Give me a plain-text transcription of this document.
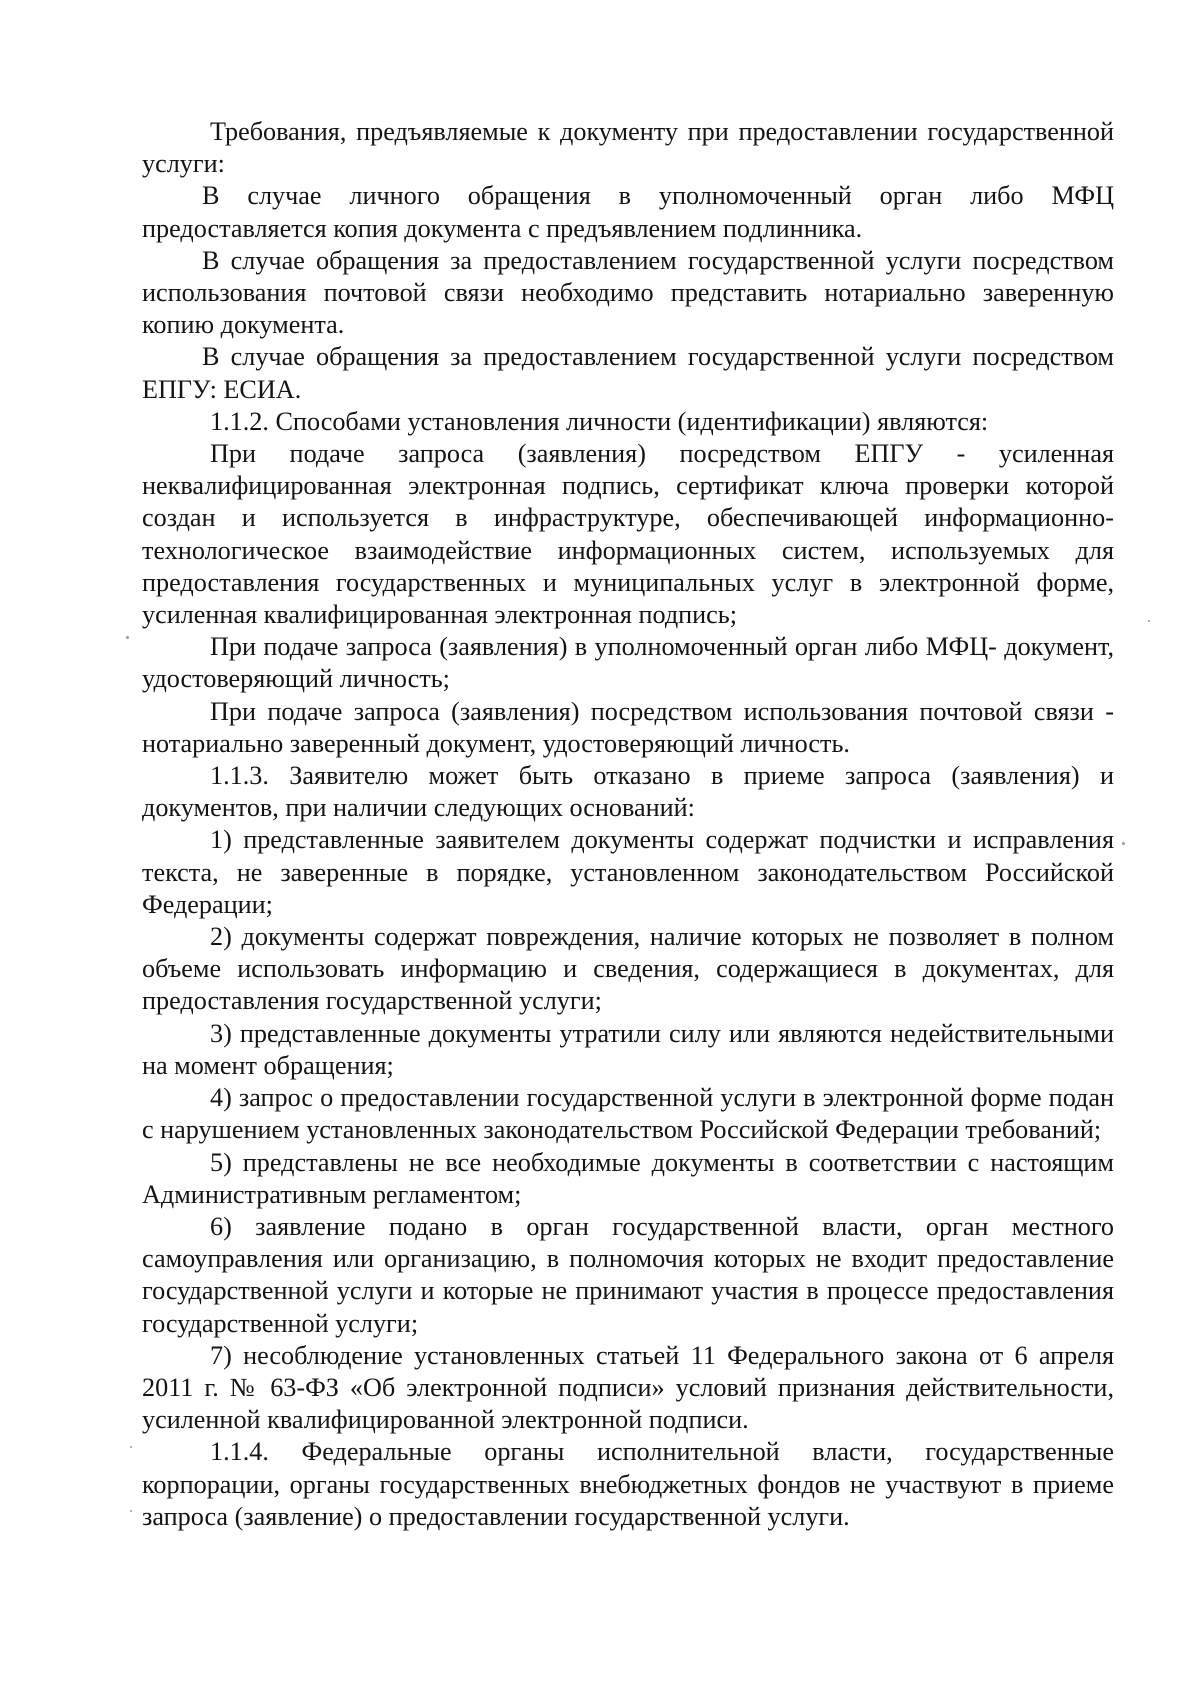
Требования, предъявляемые к документу при предоставлении государственной услуги:

В случае личного обращения в уполномоченный орган либо МФЦ предоставляется копия документа с предъявлением подлинника.

В случае обращения за предоставлением государственной услуги посредством использования почтовой связи необходимо представить нотариально заверенную копию документа.

В случае обращения за предоставлением государственной услуги посредством ЕПГУ: ЕСИА.

1.1.2. Способами установления личности (идентификации) являются:

При подаче запроса (заявления) посредством ЕПГУ - усиленная неквалифицированная электронная подпись, сертификат ключа проверки которой создан и используется в инфраструктуре, обеспечивающей информационно-технологическое взаимодействие информационных систем, используемых для предоставления государственных и муниципальных услуг в электронной форме, усиленная квалифицированная электронная подпись;

При подаче запроса (заявления) в уполномоченный орган либо МФЦ- документ, удостоверяющий личность;

При подаче запроса (заявления) посредством использования почтовой связи - нотариально заверенный документ, удостоверяющий личность.

1.1.3. Заявителю может быть отказано в приеме запроса (заявления) и документов, при наличии следующих оснований:

1) представленные заявителем документы содержат подчистки и исправления текста, не заверенные в порядке, установленном законодательством Российской Федерации;

2) документы содержат повреждения, наличие которых не позволяет в полном объеме использовать информацию и сведения, содержащиеся в документах, для предоставления государственной услуги;

3) представленные документы утратили силу или являются недействительными на момент обращения;

4) запрос о предоставлении государственной услуги в электронной форме подан с нарушением установленных законодательством Российской Федерации требований;

5) представлены не все необходимые документы в соответствии с настоящим Административным регламентом;

6) заявление подано в орган государственной власти, орган местного самоуправления или организацию, в полномочия которых не входит предоставление государственной услуги и которые не принимают участия в процессе предоставления государственной услуги;

7) несоблюдение установленных статьей 11 Федерального закона от 6 апреля 2011 г. № 63-ФЗ «Об электронной подписи» условий признания действительности, усиленной квалифицированной электронной подписи.

1.1.4. Федеральные органы исполнительной власти, государственные корпорации, органы государственных внебюджетных фондов не участвуют в приеме запроса (заявление) о предоставлении государственной услуги.
